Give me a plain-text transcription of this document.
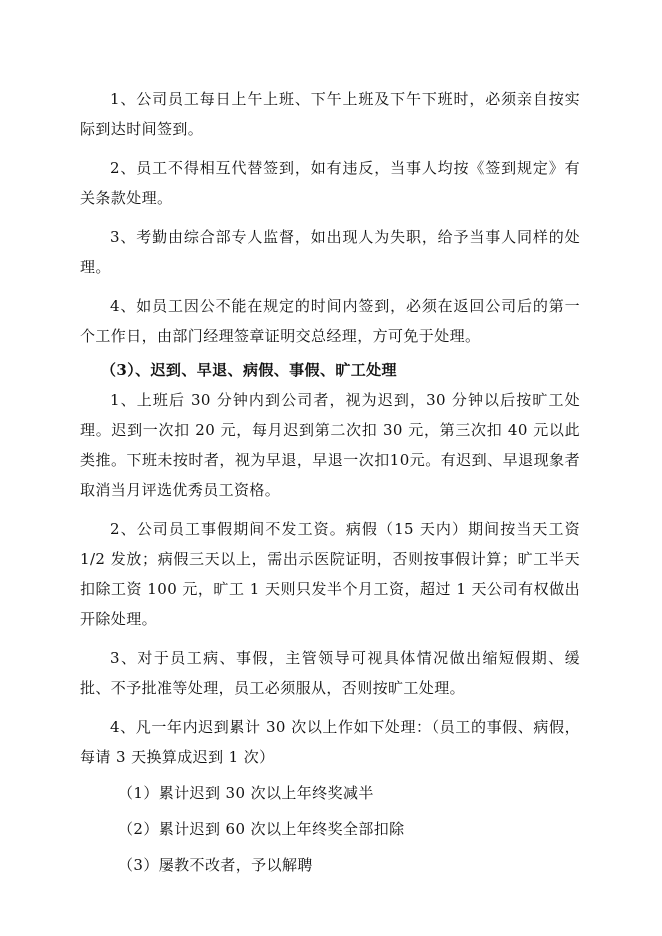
1、公司员工每日上午上班、下午上班及下午下班时，必须亲自按实际到达时间签到。

2、员工不得相互代替签到，如有违反，当事人均按《签到规定》有关条款处理。

3、考勤由综合部专人监督，如出现人为失职，给予当事人同样的处理。

4、如员工因公不能在规定的时间内签到，必须在返回公司后的第一个工作日，由部门经理签章证明交总经理，方可免于处理。

（3）、迟到、早退、病假、事假、旷工处理

1、上班后 30 分钟内到公司者，视为迟到，30 分钟以后按旷工处理。迟到一次扣 20 元，每月迟到第二次扣 30 元，第三次扣 40 元以此类推。下班未按时者，视为早退，早退一次扣10元。有迟到、早退现象者取消当月评选优秀员工资格。

2、公司员工事假期间不发工资。病假（15 天内）期间按当天工资 1/2 发放；病假三天以上，需出示医院证明，否则按事假计算；旷工半天扣除工资 100 元，旷工 1 天则只发半个月工资，超过 1 天公司有权做出开除处理。

3、对于员工病、事假，主管领导可视具体情况做出缩短假期、缓批、不予批准等处理，员工必须服从，否则按旷工处理。

4、凡一年内迟到累计 30 次以上作如下处理：（员工的事假、病假，每请 3 天换算成迟到 1 次）

（1）累计迟到 30 次以上年终奖减半

（2）累计迟到 60 次以上年终奖全部扣除

（3）屡教不改者，予以解聘
